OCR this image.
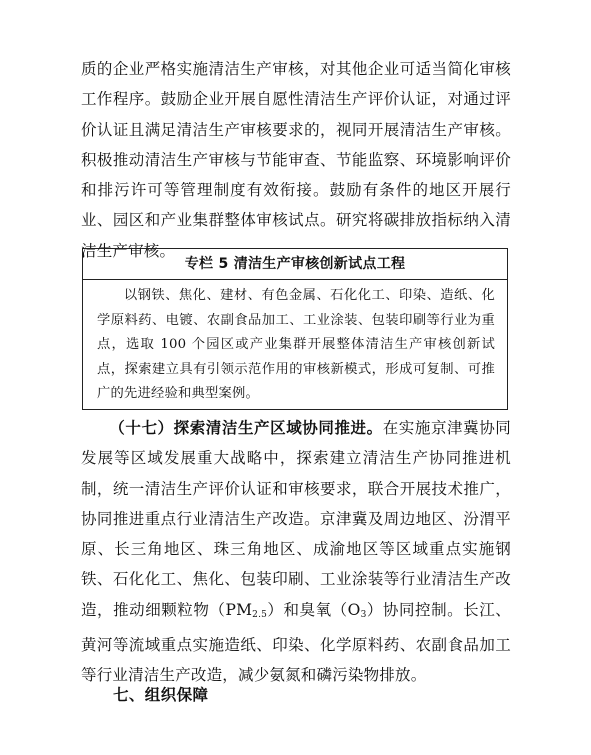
质的企业严格实施清洁生产审核，对其他企业可适当简化审核工作程序。鼓励企业开展自愿性清洁生产评价认证，对通过评价认证且满足清洁生产审核要求的，视同开展清洁生产审核。积极推动清洁生产审核与节能审查、节能监察、环境影响评价和排污许可等管理制度有效衔接。鼓励有条件的地区开展行业、园区和产业集群整体审核试点。研究将碳排放指标纳入清洁生产审核。
专栏 5 清洁生产审核创新试点工程
以钢铁、焦化、建材、有色金属、石化化工、印染、造纸、化学原料药、电镀、农副食品加工、工业涂装、包装印刷等行业为重点，选取 100 个园区或产业集群开展整体清洁生产审核创新试点，探索建立具有引领示范作用的审核新模式，形成可复制、可推广的先进经验和典型案例。
（十七）探索清洁生产区域协同推进。在实施京津冀协同发展等区域发展重大战略中，探索建立清洁生产协同推进机制，统一清洁生产评价认证和审核要求，联合开展技术推广，协同推进重点行业清洁生产改造。京津冀及周边地区、汾渭平原、长三角地区、珠三角地区、成渝地区等区域重点实施钢铁、石化化工、焦化、包装印刷、工业涂装等行业清洁生产改造，推动细颗粒物$(PM_{2.5})$和臭氧$(O_3)$协同控制。长江、黄河等流域重点实施造纸、印染、化学原料药、农副食品加工等行业清洁生产改造，减少氨氮和磷污染物排放。
七、组织保障
